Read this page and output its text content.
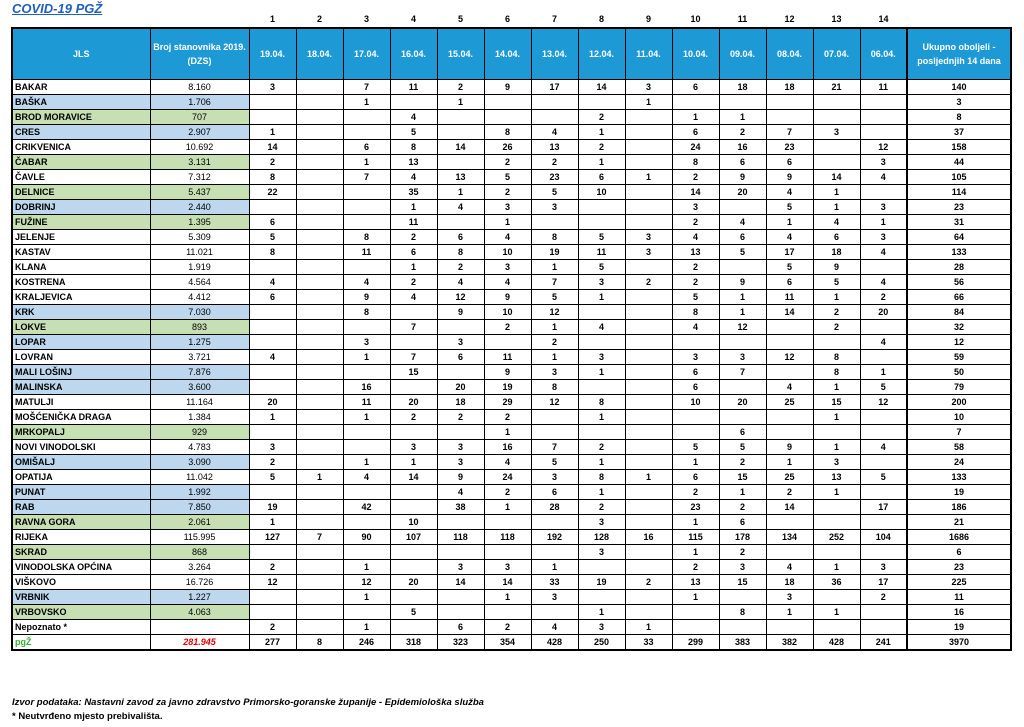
COVID-19 PGŽ
1	2	3	4	5	6	7	8	9	10	11	12	13	14
JLS	Broj stanovnika 2019. (DZS)	19.04.	18.04.	17.04.	16.04.	15.04.	14.04.	13.04.	12.04.	11.04.	10.04.	09.04.	08.04.	07.04.	06.04.	Ukupno oboljeli - posljednjih 14 dana
BAKAR	8.160	3		7	11	2	9	17	14	3	6	18	18	21	11	140
BAŠKA	1.706			1		1				1						3
BROD MORAVICE	707				4				2		1	1				8
CRES	2.907	1			5		8	4	1		6	2	7	3		37
CRIKVENICA	10.692	14		6	8	14	26	13	2		24	16	23		12	158
ČABAR	3.131	2		1	13		2	2	1		8	6	6		3	44
ČAVLE	7.312	8		7	4	13	5	23	6	1	2	9	9	14	4	105
DELNICE	5.437	22			35	1	2	5	10		14	20	4	1		114
DOBRINJ	2.440				1	4	3	3			3		5	1	3	23
FUŽINE	1.395	6			11		1				2	4	1	4	1	31
JELENJE	5.309	5		8	2	6	4	8	5	3	4	6	4	6	3	64
KASTAV	11.021	8		11	6	8	10	19	11	3	13	5	17	18	4	133
KLANA	1.919				1	2	3	1	5		2		5	9		28
KOSTRENA	4.564	4		4	2	4	4	7	3	2	2	9	6	5	4	56
KRALJEVICA	4.412	6		9	4	12	9	5	1		5	1	11	1	2	66
KRK	7.030			8		9	10	12			8	1	14	2	20	84
LOKVE	893				7		2	1	4		4	12		2		32
LOPAR	1.275			3		3		2							4	12
LOVRAN	3.721	4		1	7	6	11	1	3		3	3	12	8		59
MALI LOŠINJ	7.876				15		9	3	1		6	7		8	1	50
MALINSKA	3.600			16		20	19	8			6		4	1	5	79
MATULJI	11.164	20		11	20	18	29	12	8		10	20	25	15	12	200
MOŠĆENIČKA DRAGA	1.384	1		1	2	2	2		1					1		10
MRKOPALJ	929						1					6				7
NOVI VINODOLSKI	4.783	3			3	3	16	7	2		5	5	9	1	4	58
OMIŠALJ	3.090	2		1	1	3	4	5	1		1	2	1	3		24
OPATIJA	11.042	5	1	4	14	9	24	3	8	1	6	15	25	13	5	133
PUNAT	1.992					4	2	6	1		2	1	2	1		19
RAB	7.850	19		42		38	1	28	2		23	2	14		17	186
RAVNA GORA	2.061	1			10				3		1	6				21
RIJEKA	115.995	127	7	90	107	118	118	192	128	16	115	178	134	252	104	1686
SKRAD	868								3		1	2				6
VINODOLSKA OPĆINA	3.264	2		1		3	3	1			2	3	4	1	3	23
VIŠKOVO	16.726	12		12	20	14	14	33	19	2	13	15	18	36	17	225
VRBNIK	1.227			1			1	3			1		3		2	11
VRBOVSKO	4.063				5				1			8	1	1		16
Nepoznato *		2		1		6	2	4	3	1						19
pgŽ	281.945	277	8	246	318	323	354	428	250	33	299	383	382	428	241	3970
Izvor podataka: Nastavni zavod za javno zdravstvo Primorsko-goranske županije - Epidemiološka služba
* Neutvrđeno mjesto prebivališta.
